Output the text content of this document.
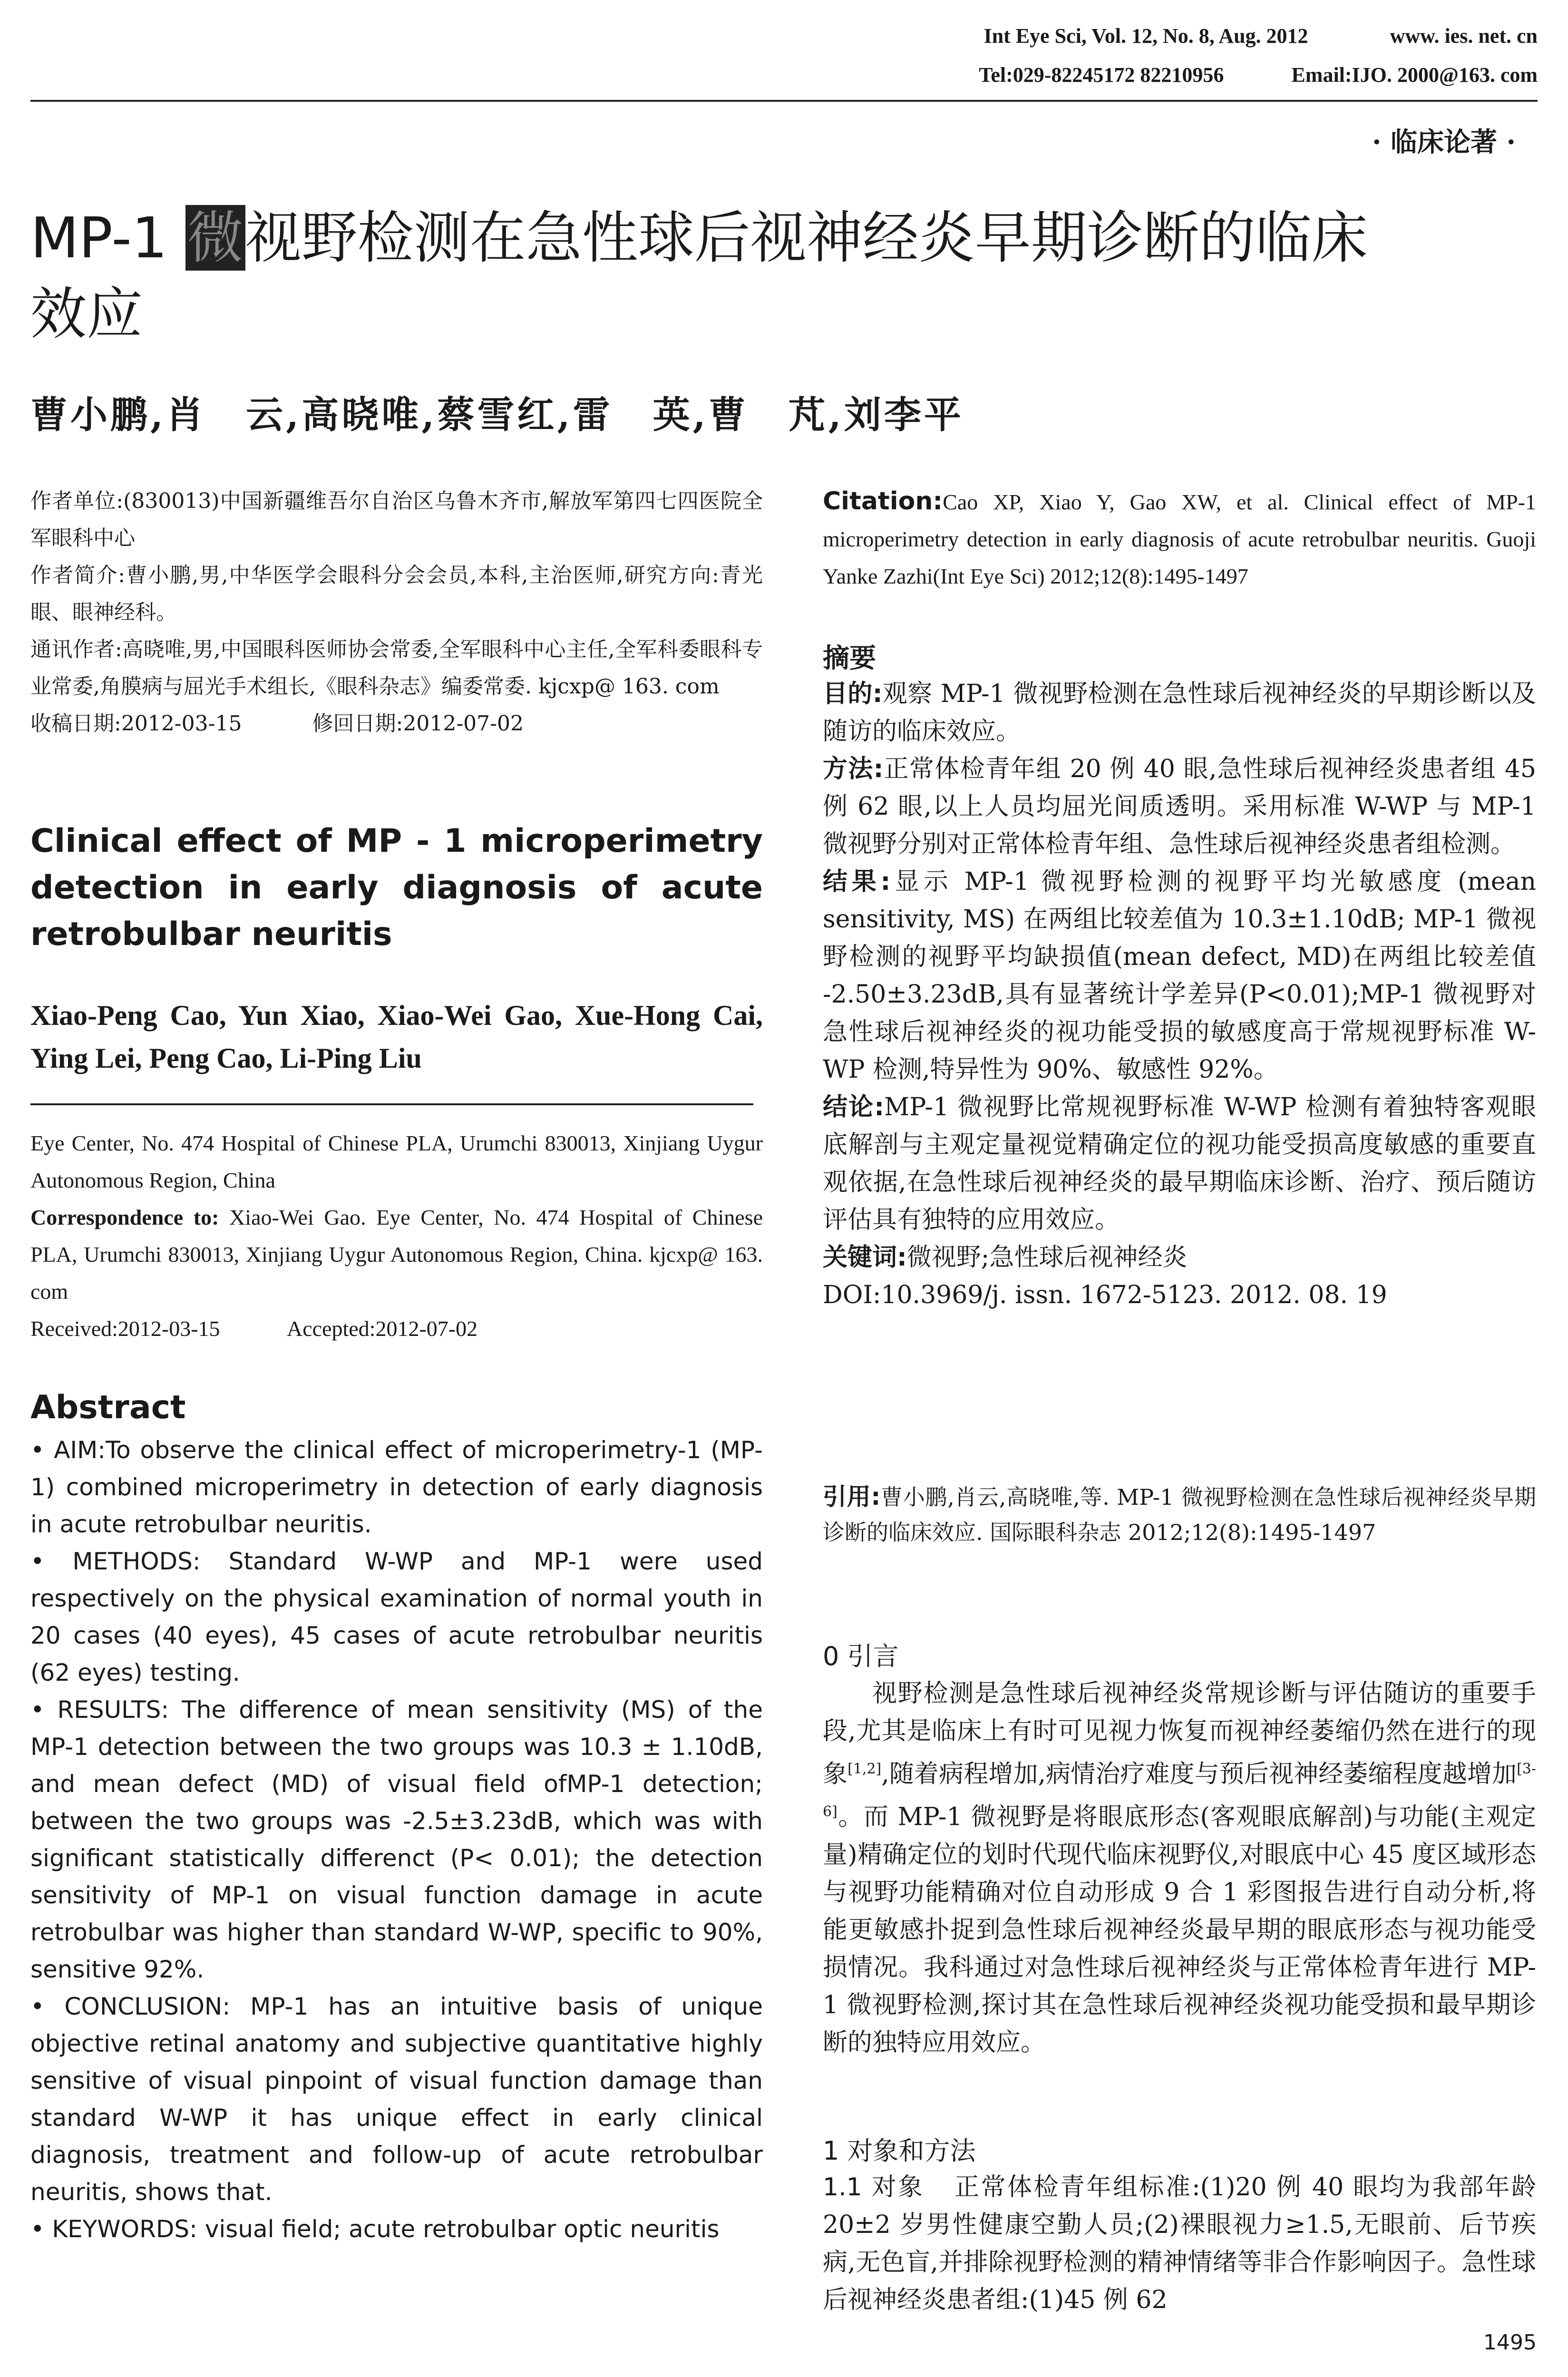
Int Eye Sci, Vol. 12, No. 8, Aug. 2012	www. ies. net. cn
Tel:029-82245172 82210956	Email:IJO. 2000@163. com
· 临床论著 ·
MP-1 微视野检测在急性球后视神经炎早期诊断的临床
效应
曹小鹏,肖　云,高晓唯,蔡雪红,雷　英,曹　芃,刘李平
作者单位:(830013)中国新疆维吾尔自治区乌鲁木齐市,解放军第四七四医院全军眼科中心
作者简介:曹小鹏,男,中华医学会眼科分会会员,本科,主治医师,研究方向:青光眼、眼神经科。
通讯作者:高晓唯,男,中国眼科医师协会常委,全军眼科中心主任,全军科委眼科专业常委,角膜病与屈光手术组长,《眼科杂志》编委常委. kjcxp@ 163. com
收稿日期:2012-03-15	修回日期:2012-07-02
Clinical effect of MP - 1 microperimetry detection in early diagnosis of acute retrobulbar neuritis
Xiao-Peng Cao, Yun Xiao, Xiao-Wei Gao, Xue-Hong Cai, Ying Lei, Peng Cao, Li-Ping Liu
Eye Center, No. 474 Hospital of Chinese PLA, Urumchi 830013, Xinjiang Uygur Autonomous Region, China
Correspondence to: Xiao-Wei Gao. Eye Center, No. 474 Hospital of Chinese PLA, Urumchi 830013, Xinjiang Uygur Autonomous Region, China. kjcxp@ 163. com
Received:2012-03-15	Accepted:2012-07-02
Abstract
• AIM:To observe the clinical effect of microperimetry-1 (MP-1) combined microperimetry in detection of early diagnosis in acute retrobulbar neuritis.
• METHODS: Standard W-WP and MP-1 were used respectively on the physical examination of normal youth in 20 cases (40 eyes), 45 cases of acute retrobulbar neuritis (62 eyes) testing.
• RESULTS: The difference of mean sensitivity (MS) of the MP-1 detection between the two groups was 10.3 ± 1.10dB, and mean defect (MD) of visual field ofMP-1 detection; between the two groups was -2.5±3.23dB, which was with significant statistically differenct (P< 0.01); the detection sensitivity of MP-1 on visual function damage in acute retrobulbar was higher than standard W-WP, specific to 90%, sensitive 92%.
• CONCLUSION: MP-1 has an intuitive basis of unique objective retinal anatomy and subjective quantitative highly sensitive of visual pinpoint of visual function damage than standard W-WP it has unique effect in early clinical diagnosis, treatment and follow-up of acute retrobulbar neuritis, shows that.
• KEYWORDS: visual field; acute retrobulbar optic neuritis
Citation:Cao XP, Xiao Y, Gao XW, et al. Clinical effect of MP-1 microperimetry detection in early diagnosis of acute retrobulbar neuritis. Guoji Yanke Zazhi(Int Eye Sci) 2012;12(8):1495-1497
摘要
目的:观察 MP-1 微视野检测在急性球后视神经炎的早期诊断以及随访的临床效应。
方法:正常体检青年组 20 例 40 眼,急性球后视神经炎患者组 45 例 62 眼,以上人员均屈光间质透明。采用标准 W-WP 与 MP-1 微视野分别对正常体检青年组、急性球后视神经炎患者组检测。
结果:显示 MP-1 微视野检测的视野平均光敏感度 (mean sensitivity, MS) 在两组比较差值为 10.3±1.10dB; MP-1 微视野检测的视野平均缺损值(mean defect, MD)在两组比较差值 -2.50±3.23dB,具有显著统计学差异(P<0.01);MP-1 微视野对急性球后视神经炎的视功能受损的敏感度高于常规视野标准 W-WP 检测,特异性为 90%、敏感性 92%。
结论:MP-1 微视野比常规视野标准 W-WP 检测有着独特客观眼底解剖与主观定量视觉精确定位的视功能受损高度敏感的重要直观依据,在急性球后视神经炎的最早期临床诊断、治疗、预后随访评估具有独特的应用效应。
关键词:微视野;急性球后视神经炎
DOI:10.3969/j. issn. 1672-5123. 2012. 08. 19
引用:曹小鹏,肖云,高晓唯,等. MP-1 微视野检测在急性球后视神经炎早期诊断的临床效应. 国际眼科杂志 2012;12(8):1495-1497
0 引言
视野检测是急性球后视神经炎常规诊断与评估随访的重要手段,尤其是临床上有时可见视力恢复而视神经萎缩仍然在进行的现象[1,2],随着病程增加,病情治疗难度与预后视神经萎缩程度越增加[3-6]。而 MP-1 微视野是将眼底形态(客观眼底解剖)与功能(主观定量)精确定位的划时代现代临床视野仪,对眼底中心 45 度区域形态与视野功能精确对位自动形成 9 合 1 彩图报告进行自动分析,将能更敏感扑捉到急性球后视神经炎最早期的眼底形态与视功能受损情况。我科通过对急性球后视神经炎与正常体检青年进行 MP-1 微视野检测,探讨其在急性球后视神经炎视功能受损和最早期诊断的独特应用效应。
1 对象和方法
1.1 对象 正常体检青年组标准:(1)20 例 40 眼均为我部年龄 20±2 岁男性健康空勤人员;(2)裸眼视力≥1.5,无眼前、后节疾病,无色盲,并排除视野检测的精神情绪等非合作影响因子。急性球后视神经炎患者组:(1)45 例 62
1495
